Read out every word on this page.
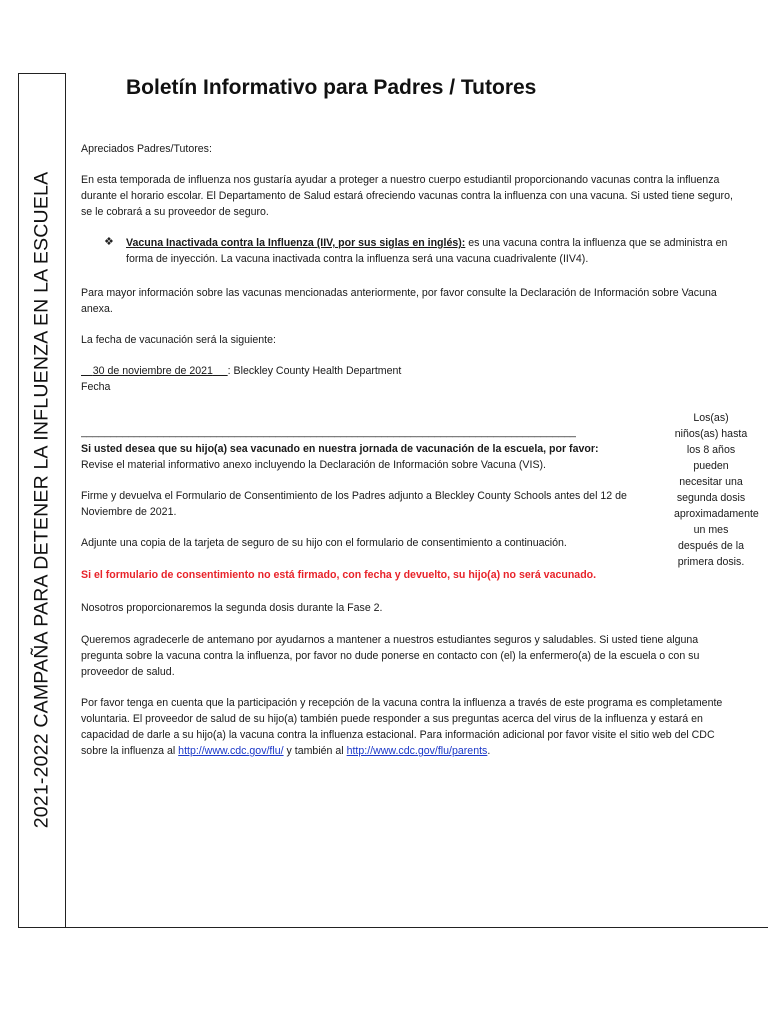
2021-2022 CAMPAÑA PARA DETENER LA INFLUENZA EN LA ESCUELA
Boletín Informativo para Padres / Tutores

Apreciados Padres/Tutores:

En esta temporada de influenza nos gustaría ayudar a proteger a nuestro cuerpo estudiantil proporcionando vacunas contra la influenza durante el horario escolar. El Departamento de Salud estará ofreciendo vacunas contra la influenza con una vacuna. Si usted tiene seguro, se le cobrará a su proveedor de seguro.

❖ Vacuna Inactivada contra la Influenza (IIV, por sus siglas en inglés): es una vacuna contra la influenza que se administra en forma de inyección. La vacuna inactivada contra la influenza será una vacuna cuadrivalente (IIV4).

Para mayor información sobre las vacunas mencionadas anteriormente, por favor consulte la Declaración de Información sobre Vacuna anexa.

La fecha de vacunación será la siguiente:

30 de noviembre de 2021 : Bleckley County Health Department

Fecha

____________________________________________________________________________________

Si usted desea que su hijo(a) sea vacunado en nuestra jornada de vacunación de la escuela, por favor:

Revise el material informativo anexo incluyendo la Declaración de Información sobre Vacuna (VIS).

Firme y devuelva el Formulario de Consentimiento de los Padres adjunto a Bleckley County Schools antes del 12 de Noviembre de 2021.

Adjunte una copia de la tarjeta de seguro de su hijo con el formulario de consentimiento a continuación.

Si el formulario de consentimiento no está firmado, con fecha y devuelto, su hijo(a) no será vacunado.

Nosotros proporcionaremos la segunda dosis durante la Fase 2.

Los(as) niños(as) hasta los 8 años pueden necesitar una segunda dosis aproximadamente un mes después de la primera dosis.

Queremos agradecerle de antemano por ayudarnos a mantener a nuestros estudiantes seguros y saludables. Si usted tiene alguna pregunta sobre la vacuna contra la influenza, por favor no dude ponerse en contacto con (el) la enfermero(a) de la escuela o con su proveedor de salud.

Por favor tenga en cuenta que la participación y recepción de la vacuna contra la influenza a través de este programa es completamente voluntaria. El proveedor de salud de su hijo(a) también puede responder a sus preguntas acerca del virus de la influenza y estará en capacidad de darle a su hijo(a) la vacuna contra la influenza estacional. Para información adicional por favor visite el sitio web del CDC sobre la influenza al http://www.cdc.gov/flu/ y también al http://www.cdc.gov/flu/parents.
